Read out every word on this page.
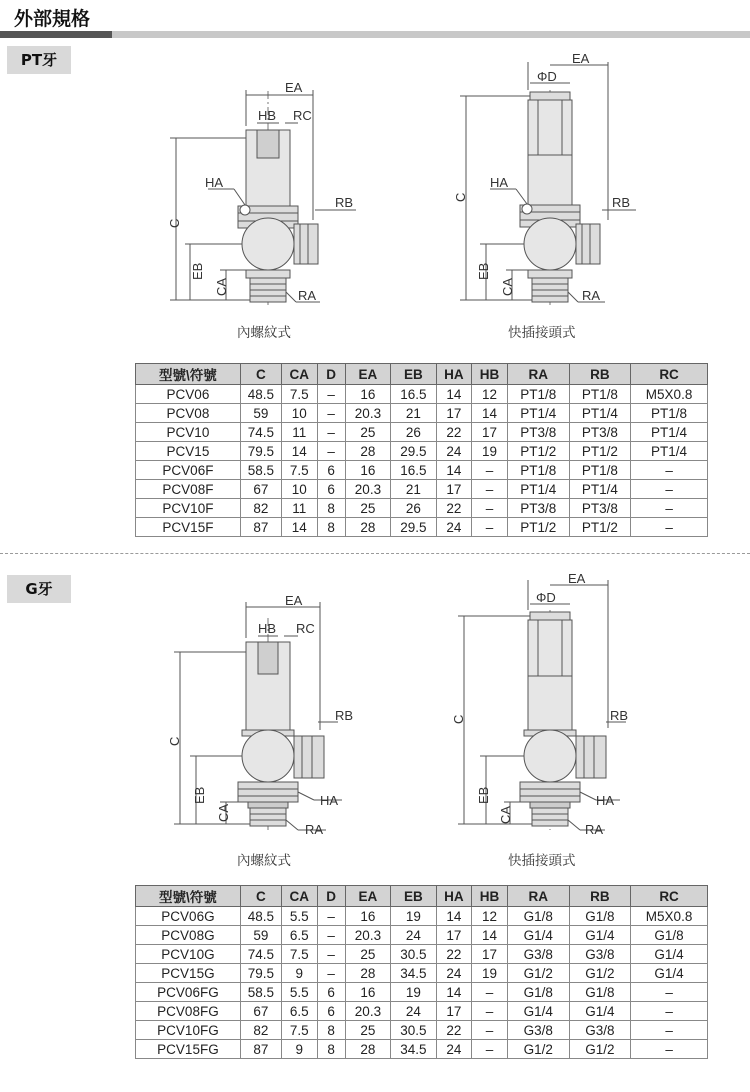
外部規格
PT牙
EA
HB RC
HA
RB
RA
C
EB
CA
內螺紋式
EA
ΦD
HA
RB
RA
C
EB
CA
快插接頭式
型號\符號	C	CA	D	EA	EB	HA	HB	RA	RB	RC
PCV06	48.5	7.5	–	16	16.5	14	12	PT1/8	PT1/8	M5X0.8
PCV08	59	10	–	20.3	21	17	14	PT1/4	PT1/4	PT1/8
PCV10	74.5	11	–	25	26	22	17	PT3/8	PT3/8	PT1/4
PCV15	79.5	14	–	28	29.5	24	19	PT1/2	PT1/2	PT1/4
PCV06F	58.5	7.5	6	16	16.5	14	–	PT1/8	PT1/8	–
PCV08F	67	10	6	20.3	21	17	–	PT1/4	PT1/4	–
PCV10F	82	11	8	25	26	22	–	PT3/8	PT3/8	–
PCV15F	87	14	8	28	29.5	24	–	PT1/2	PT1/2	–
G牙
EA
HB RC
RB
HA
RA
C
EB
CA
內螺紋式
EA
ΦD
RB
HA
RA
C
EB
CA
快插接頭式
型號\符號	C	CA	D	EA	EB	HA	HB	RA	RB	RC
PCV06G	48.5	5.5	–	16	19	14	12	G1/8	G1/8	M5X0.8
PCV08G	59	6.5	–	20.3	24	17	14	G1/4	G1/4	G1/8
PCV10G	74.5	7.5	–	25	30.5	22	17	G3/8	G3/8	G1/4
PCV15G	79.5	9	–	28	34.5	24	19	G1/2	G1/2	G1/4
PCV06FG	58.5	5.5	6	16	19	14	–	G1/8	G1/8	–
PCV08FG	67	6.5	6	20.3	24	17	–	G1/4	G1/4	–
PCV10FG	82	7.5	8	25	30.5	22	–	G3/8	G3/8	–
PCV15FG	87	9	8	28	34.5	24	–	G1/2	G1/2	–
